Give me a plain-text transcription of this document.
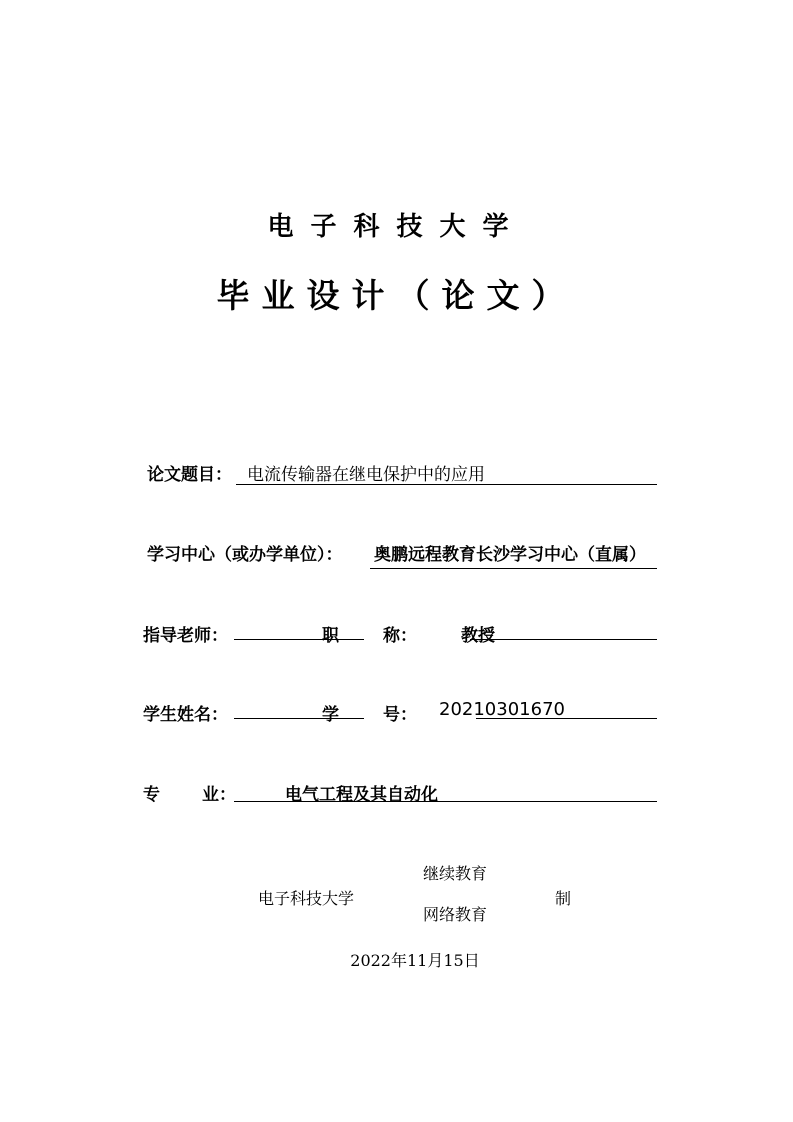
电子科技大学
毕业设计（论文）
论文题目： 电流传输器在继电保护中的应用
学习中心（或办学单位）： 奥鹏远程教育长沙学习中心（直属）
指导老师：	职	称：	教授
学生姓名：	学	号： 20210301670
专 业：	电气工程及其自动化
电子科技大学
继续教育
网络教育
制
2022年11月15日
